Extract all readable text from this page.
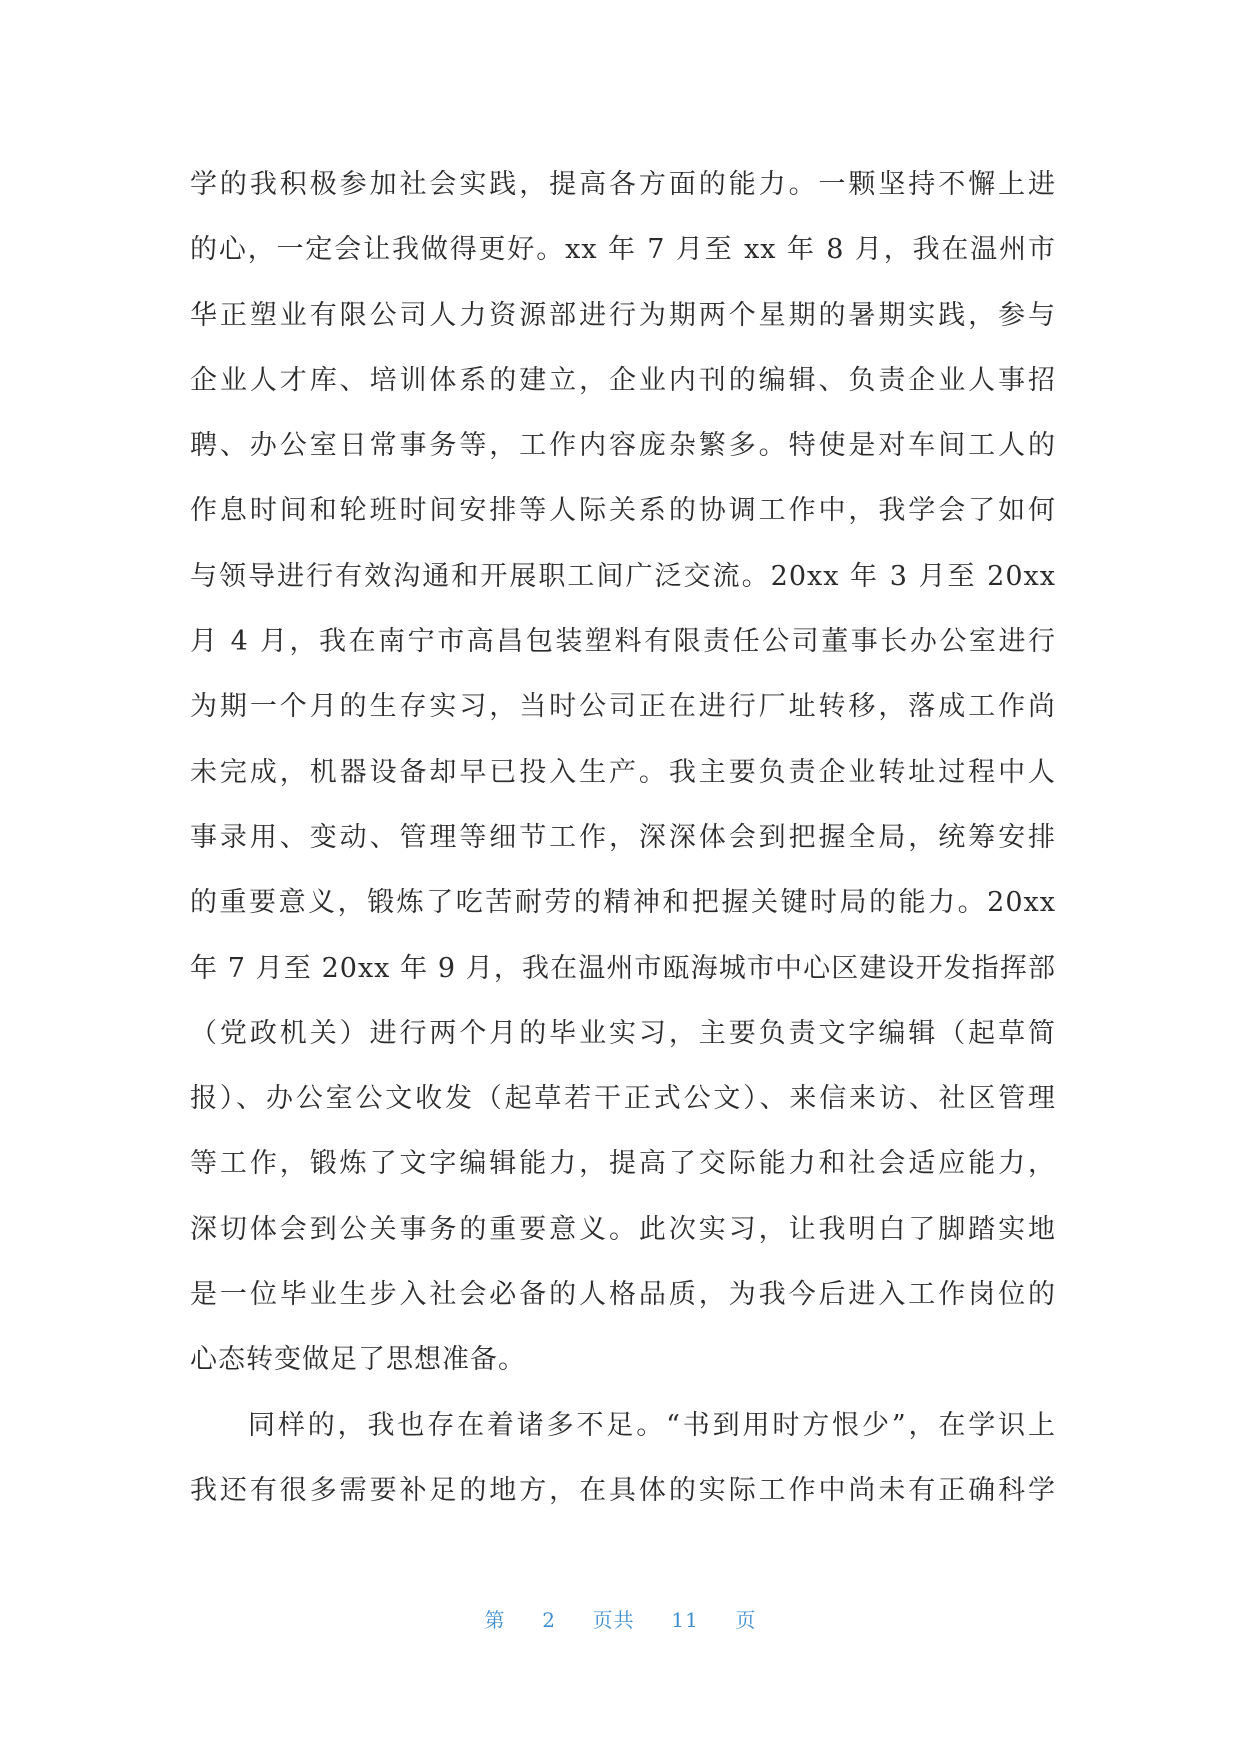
学的我积极参加社会实践，提高各方面的能力。一颗坚持不懈上进
的心，一定会让我做得更好。xx 年 7 月至 xx 年 8 月，我在温州市
华正塑业有限公司人力资源部进行为期两个星期的暑期实践，参与
企业人才库、培训体系的建立，企业内刊的编辑、负责企业人事招
聘、办公室日常事务等，工作内容庞杂繁多。特使是对车间工人的
作息时间和轮班时间安排等人际关系的协调工作中，我学会了如何
与领导进行有效沟通和开展职工间广泛交流。20xx 年 3 月至 20xx
月 4 月，我在南宁市高昌包装塑料有限责任公司董事长办公室进行
为期一个月的生存实习，当时公司正在进行厂址转移，落成工作尚
未完成，机器设备却早已投入生产。我主要负责企业转址过程中人
事录用、变动、管理等细节工作，深深体会到把握全局，统筹安排
的重要意义，锻炼了吃苦耐劳的精神和把握关键时局的能力。20xx
年 7 月至 20xx 年 9 月，我在温州市瓯海城市中心区建设开发指挥部
（党政机关）进行两个月的毕业实习，主要负责文字编辑（起草简
报）、办公室公文收发（起草若干正式公文）、来信来访、社区管理
等工作，锻炼了文字编辑能力，提高了交际能力和社会适应能力，
深切体会到公关事务的重要意义。此次实习，让我明白了脚踏实地
是一位毕业生步入社会必备的人格品质，为我今后进入工作岗位的
心态转变做足了思想准备。
同样的，我也存在着诸多不足。“书到用时方恨少”，在学识上
我还有很多需要补足的地方，在具体的实际工作中尚未有正确科学
第 2 页共 11 页
